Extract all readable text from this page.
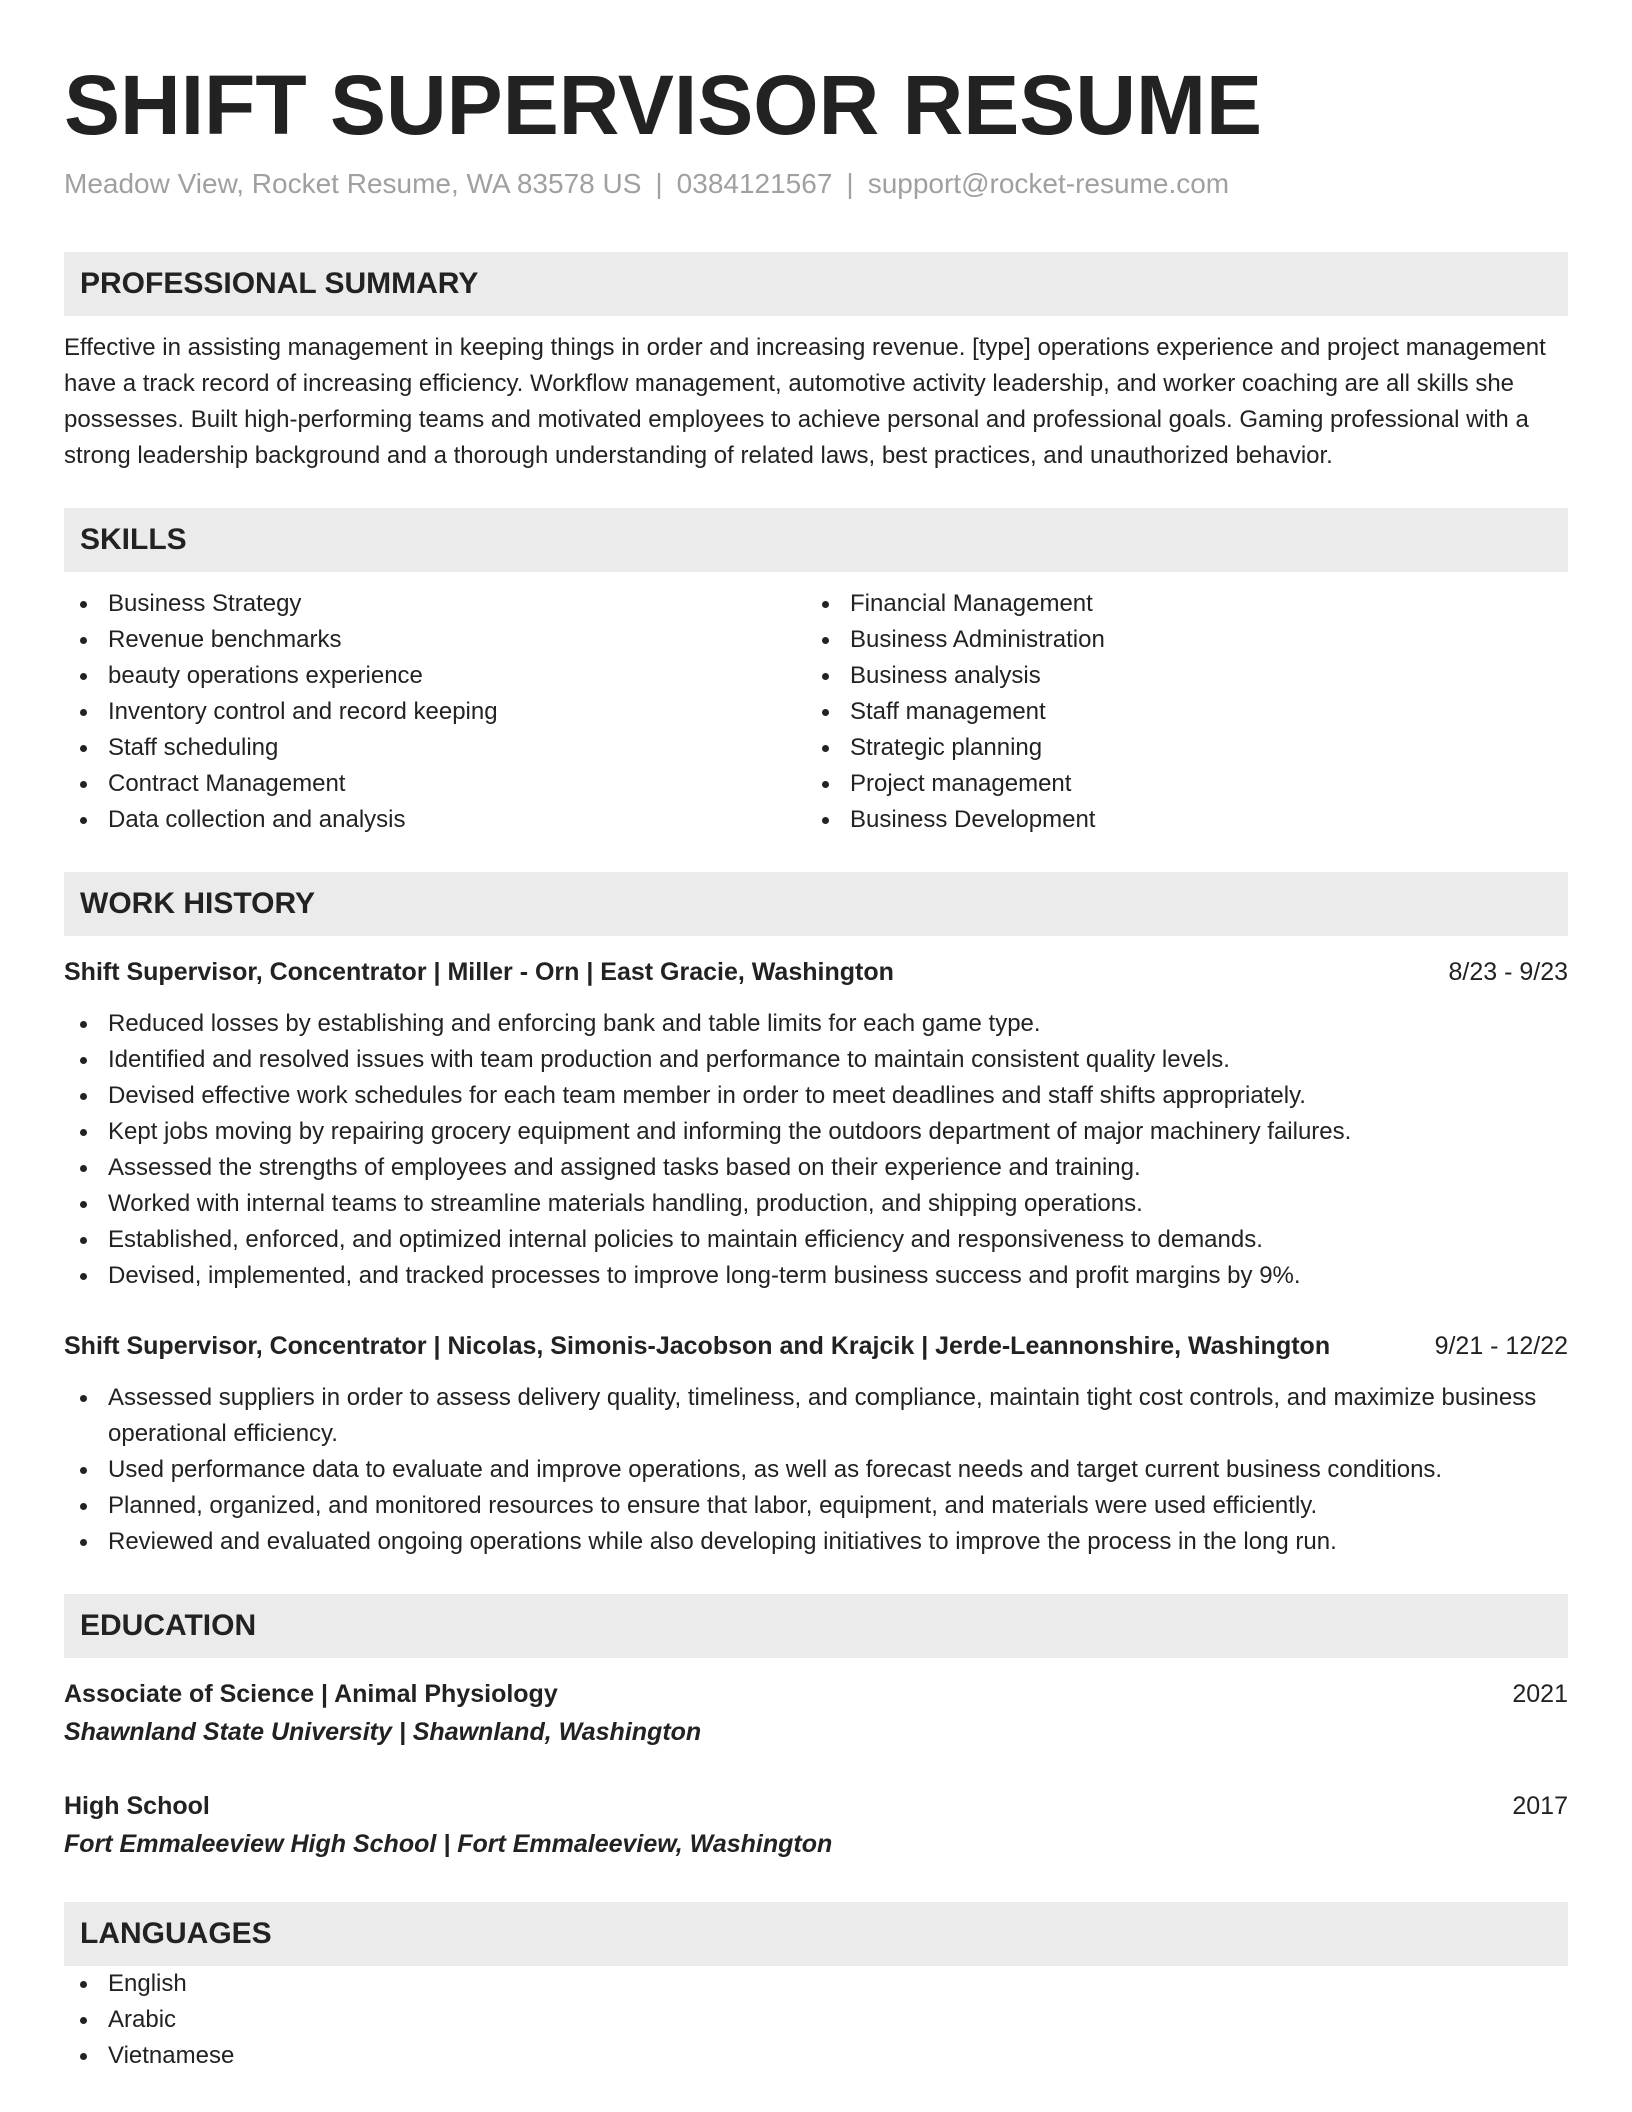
SHIFT SUPERVISOR RESUME
Meadow View, Rocket Resume, WA 83578 US | 0384121567 | support@rocket-resume.com
PROFESSIONAL SUMMARY
Effective in assisting management in keeping things in order and increasing revenue. [type] operations experience and project management have a track record of increasing efficiency. Workflow management, automotive activity leadership, and worker coaching are all skills she possesses. Built high-performing teams and motivated employees to achieve personal and professional goals. Gaming professional with a strong leadership background and a thorough understanding of related laws, best practices, and unauthorized behavior.
SKILLS
Business Strategy
Revenue benchmarks
beauty operations experience
Inventory control and record keeping
Staff scheduling
Contract Management
Data collection and analysis
Financial Management
Business Administration
Business analysis
Staff management
Strategic planning
Project management
Business Development
WORK HISTORY
Shift Supervisor, Concentrator | Miller - Orn | East Gracie, Washington	8/23 - 9/23
Reduced losses by establishing and enforcing bank and table limits for each game type.
Identified and resolved issues with team production and performance to maintain consistent quality levels.
Devised effective work schedules for each team member in order to meet deadlines and staff shifts appropriately.
Kept jobs moving by repairing grocery equipment and informing the outdoors department of major machinery failures.
Assessed the strengths of employees and assigned tasks based on their experience and training.
Worked with internal teams to streamline materials handling, production, and shipping operations.
Established, enforced, and optimized internal policies to maintain efficiency and responsiveness to demands.
Devised, implemented, and tracked processes to improve long-term business success and profit margins by 9%.
Shift Supervisor, Concentrator | Nicolas, Simonis-Jacobson and Krajcik | Jerde-Leannonshire, Washington	9/21 - 12/22
Assessed suppliers in order to assess delivery quality, timeliness, and compliance, maintain tight cost controls, and maximize business operational efficiency.
Used performance data to evaluate and improve operations, as well as forecast needs and target current business conditions.
Planned, organized, and monitored resources to ensure that labor, equipment, and materials were used efficiently.
Reviewed and evaluated ongoing operations while also developing initiatives to improve the process in the long run.
EDUCATION
Associate of Science | Animal Physiology	2021
Shawnland State University | Shawnland, Washington
High School	2017
Fort Emmaleeview High School | Fort Emmaleeview, Washington
LANGUAGES
English
Arabic
Vietnamese
